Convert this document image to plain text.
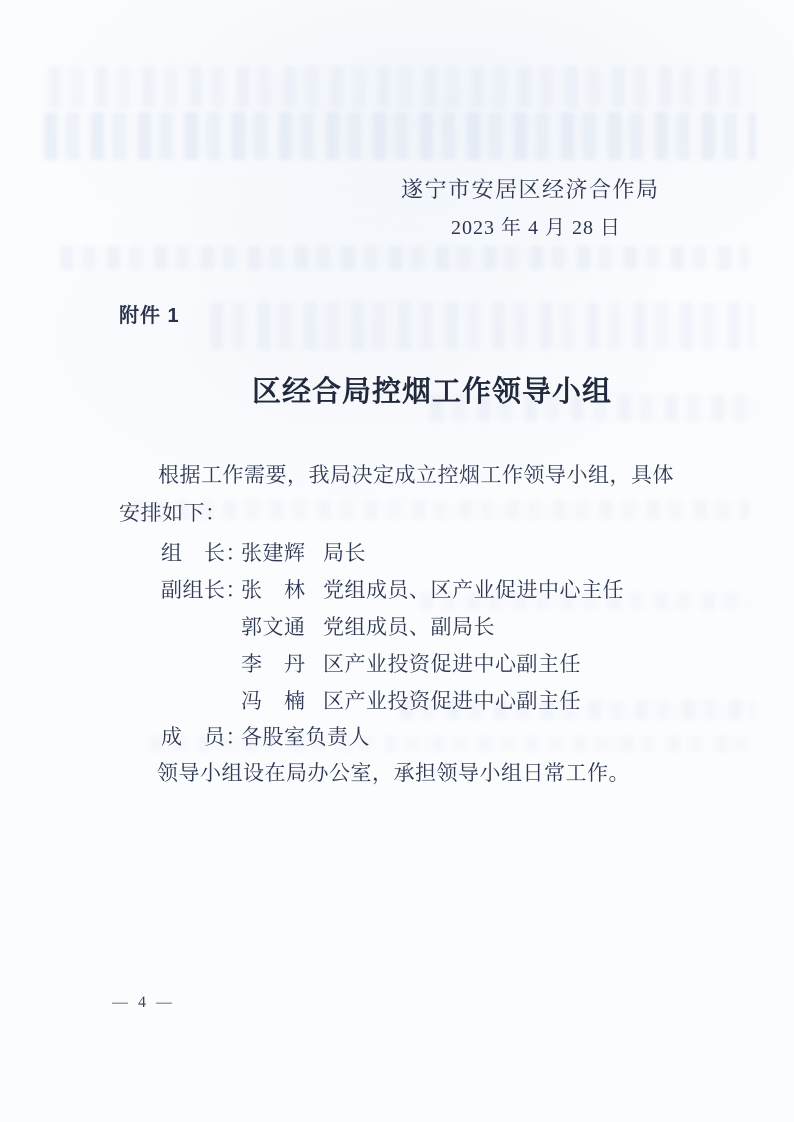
遂宁市安居区经济合作局
2023 年 4 月 28 日
附件 1
区经合局控烟工作领导小组
根据工作需要，我局决定成立控烟工作领导小组，具体
安排如下：
组　长：张建辉 局长
副组长：张　林 党组成员、区产业促进中心主任
郭文通 党组成员、副局长
李　丹 区产业投资促进中心副主任
冯　楠 区产业投资促进中心副主任
成　员：各股室负责人
领导小组设在局办公室，承担领导小组日常工作。
— 4 —
